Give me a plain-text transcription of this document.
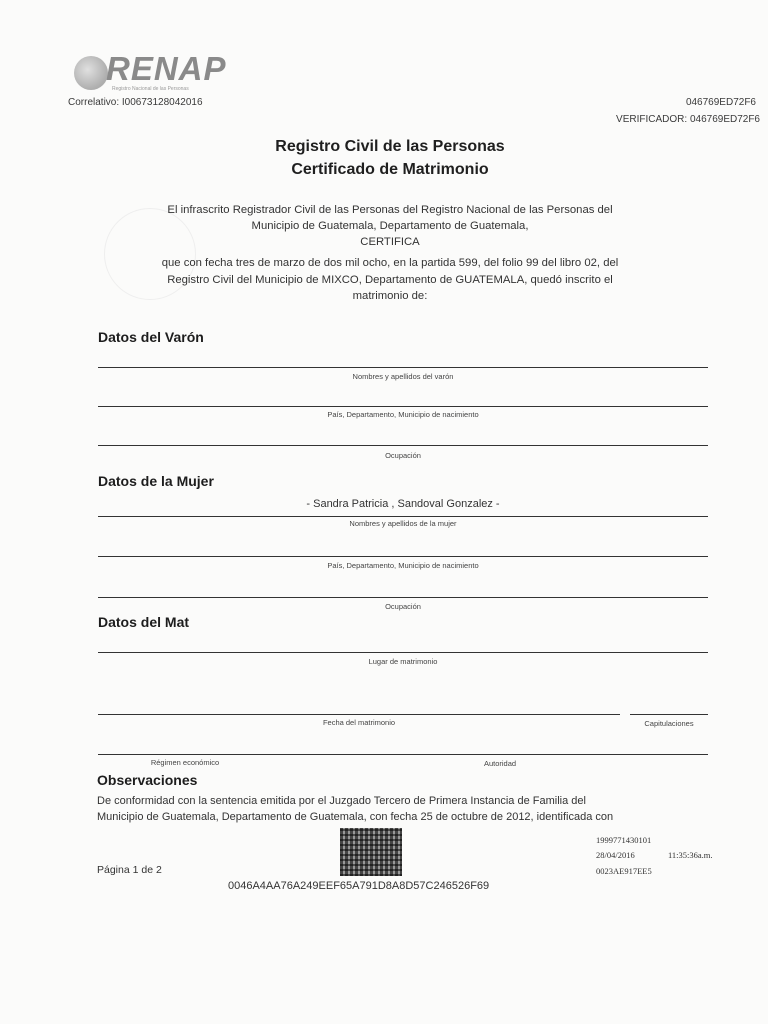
RENAP
Registro Nacional de las Personas
Correlativo: I00673128042016	046769ED72F6
VERIFICADOR: 046769ED72F6
Registro Civil de las Personas
Certificado de Matrimonio
El infrascrito Registrador Civil de las Personas del Registro Nacional de las Personas del
Municipio de Guatemala, Departamento de Guatemala,
CERTIFICA
que con fecha tres de marzo de dos mil ocho, en la partida 599, del folio 99 del libro 02, del
Registro Civil del Municipio de MIXCO, Departamento de GUATEMALA, quedó inscrito el
matrimonio de:
Datos del Varón
Nombres y apellidos del varón
País, Departamento, Municipio de nacimiento
Ocupación
Datos de la Mujer
- Sandra Patricia , Sandoval Gonzalez -
Nombres y apellidos de la mujer
País, Departamento, Municipio de nacimiento
Ocupación
Datos del Mat
Lugar de matrimonio
Fecha del matrimonio	Capitulaciones
Régimen económico	Autoridad
Observaciones
De conformidad con la sentencia emitida por el Juzgado Tercero de Primera Instancia de Familia del
Municipio de Guatemala, Departamento de Guatemala, con fecha 25 de octubre de 2012, identificada con
Página 1 de 2
0046A4AA76A249EEF65A791D8A8D57C246526F69
1999771430101
28/04/2016	11:35:36a.m.
0023AE917EE5
